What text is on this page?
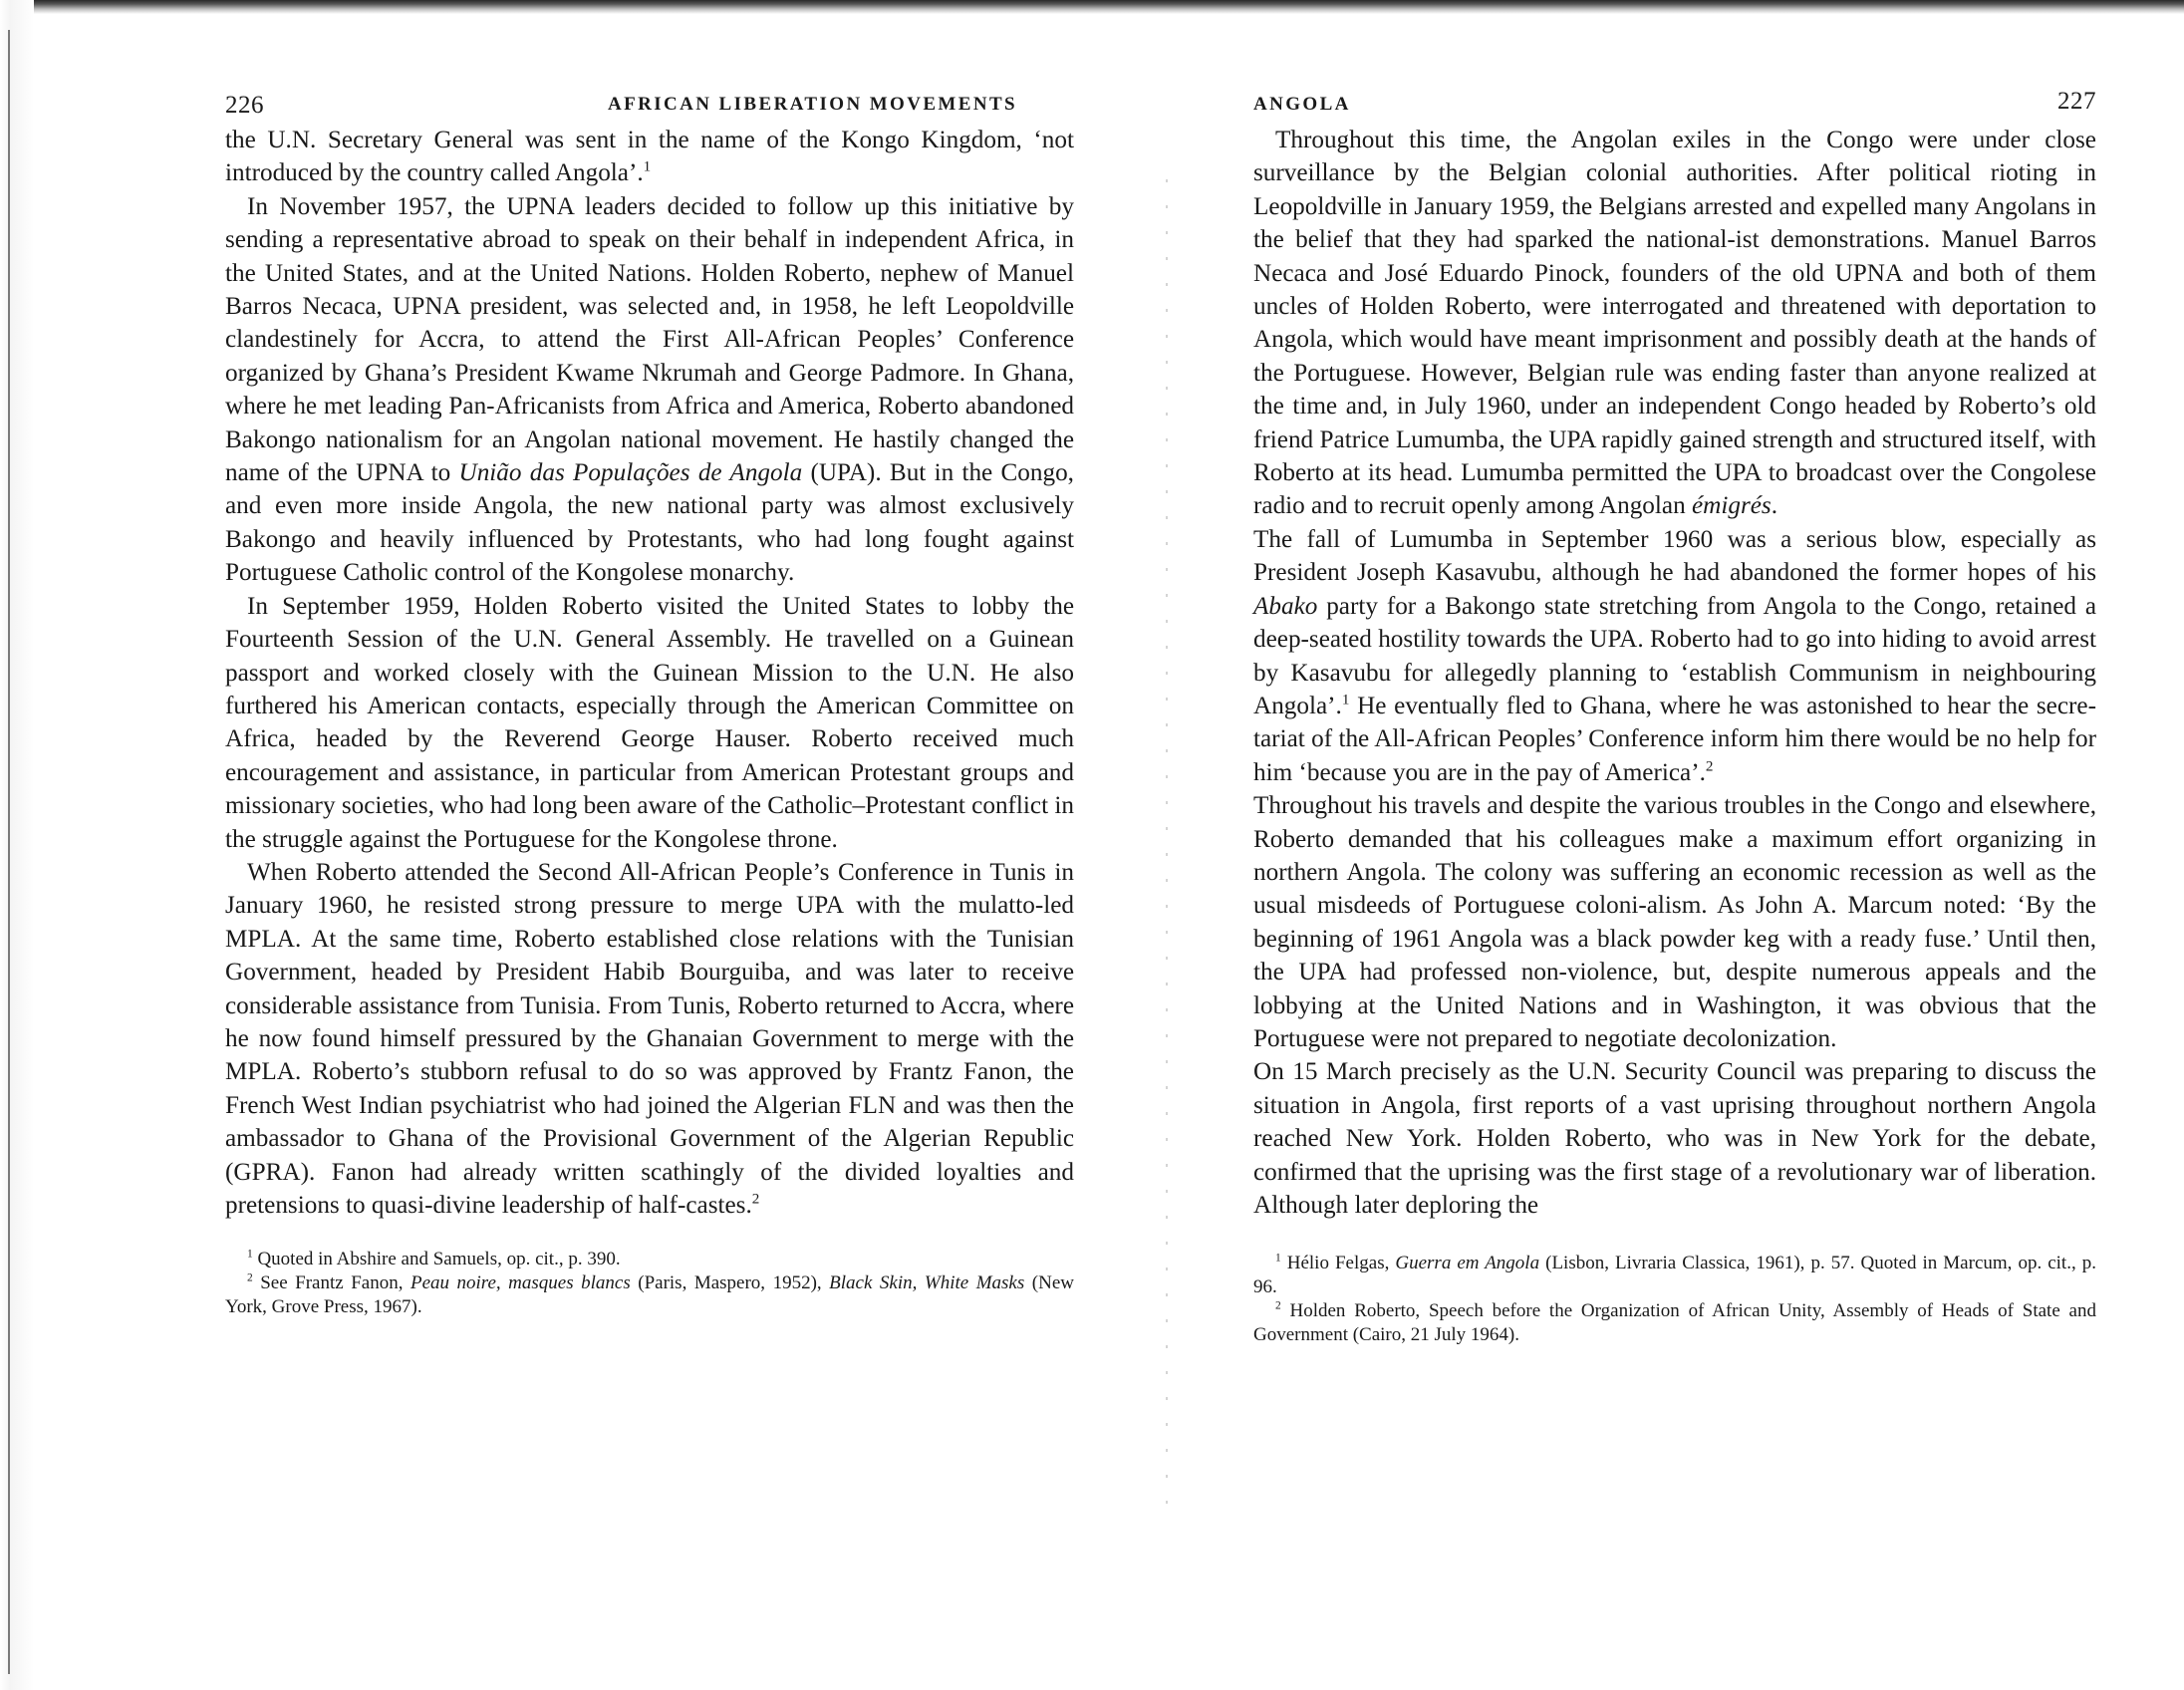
226	AFRICAN LIBERATION MOVEMENTS

the U.N. Secretary General was sent in the name of the Kongo Kingdom, ‘not introduced by the country called Angola’.$^1$

In November 1957, the UPNA leaders decided to follow up this initiative by sending a representative abroad to speak on their behalf in independent Africa, in the United States, and at the United Nations. Holden Roberto, nephew of Manuel Barros Necaca, UPNA president, was selected and, in 1958, he left Leopoldville clandestinely for Accra, to attend the First All-African Peoples’ Conference organized by Ghana’s President Kwame Nkrumah and George Padmore. In Ghana, where he met leading Pan-Africanists from Africa and America, Roberto abandoned Bakongo nationalism for an Angolan national movement. He hastily changed the name of the UPNA to União das Populações de Angola (UPA). But in the Congo, and even more inside Angola, the new national party was almost exclusively Bakongo and heavily influenced by Protestants, who had long fought against Portuguese Catholic control of the Kongolese monarchy.

In September 1959, Holden Roberto visited the United States to lobby the Fourteenth Session of the U.N. General Assembly. He travelled on a Guinean passport and worked closely with the Guinean Mission to the U.N. He also furthered his American contacts, especially through the American Committee on Africa, headed by the Reverend George Hauser. Roberto received much encouragement and assistance, in particular from American Protestant groups and missionary societies, who had long been aware of the Catholic–Protestant conflict in the struggle against the Portuguese for the Kongolese throne.

When Roberto attended the Second All-African People’s Conference in Tunis in January 1960, he resisted strong pressure to merge UPA with the mulatto-led MPLA. At the same time, Roberto established close relations with the Tunisian Government, headed by President Habib Bourguiba, and was later to receive considerable assistance from Tunisia. From Tunis, Roberto returned to Accra, where he now found himself pressured by the Ghanaian Government to merge with the MPLA. Roberto’s stubborn refusal to do so was approved by Frantz Fanon, the French West Indian psychiatrist who had joined the Algerian FLN and was then the ambassador to Ghana of the Provisional Government of the Algerian Republic (GPRA). Fanon had already written scathingly of the divided loyalties and pretensions to quasi-divine leadership of half-castes.$^2$

$^1$ Quoted in Abshire and Samuels, op. cit., p. 390.

$^2$ See Frantz Fanon, Peau noire, masques blancs (Paris, Maspero, 1952), Black Skin, White Masks (New York, Grove Press, 1967).

ANGOLA	227

Throughout this time, the Angolan exiles in the Congo were under close surveillance by the Belgian colonial authorities. After political rioting in Leopoldville in January 1959, the Belgians arrested and expelled many Angolans in the belief that they had sparked the national-ist demonstrations. Manuel Barros Necaca and José Eduardo Pinock, founders of the old UPNA and both of them uncles of Holden Roberto, were interrogated and threatened with deportation to Angola, which would have meant imprisonment and possibly death at the hands of the Portuguese. However, Belgian rule was ending faster than anyone realized at the time and, in July 1960, under an independent Congo headed by Roberto’s old friend Patrice Lumumba, the UPA rapidly gained strength and structured itself, with Roberto at its head. Lumumba permitted the UPA to broadcast over the Congolese radio and to recruit openly among Angolan émigrés.

The fall of Lumumba in September 1960 was a serious blow, especially as President Joseph Kasavubu, although he had abandoned the former hopes of his Abako party for a Bakongo state stretching from Angola to the Congo, retained a deep-seated hostility towards the UPA. Roberto had to go into hiding to avoid arrest by Kasavubu for allegedly planning to ‘establish Communism in neighbouring Angola’.$^1$ He eventually fled to Ghana, where he was astonished to hear the secre-tariat of the All-African Peoples’ Conference inform him there would be no help for him ‘because you are in the pay of America’.$^2$

Throughout his travels and despite the various troubles in the Congo and elsewhere, Roberto demanded that his colleagues make a maximum effort organizing in northern Angola. The colony was suffering an economic recession as well as the usual misdeeds of Portuguese coloni-alism. As John A. Marcum noted: ‘By the beginning of 1961 Angola was a black powder keg with a ready fuse.’ Until then, the UPA had professed non-violence, but, despite numerous appeals and the lobbying at the United Nations and in Washington, it was obvious that the Portuguese were not prepared to negotiate decolonization.

On 15 March precisely as the U.N. Security Council was preparing to discuss the situation in Angola, first reports of a vast uprising throughout northern Angola reached New York. Holden Roberto, who was in New York for the debate, confirmed that the uprising was the first stage of a revolutionary war of liberation. Although later deploring the

$^1$ Hélio Felgas, Guerra em Angola (Lisbon, Livraria Classica, 1961), p. 57. Quoted in Marcum, op. cit., p. 96.

$^2$ Holden Roberto, Speech before the Organization of African Unity, Assembly of Heads of State and Government (Cairo, 21 July 1964).
